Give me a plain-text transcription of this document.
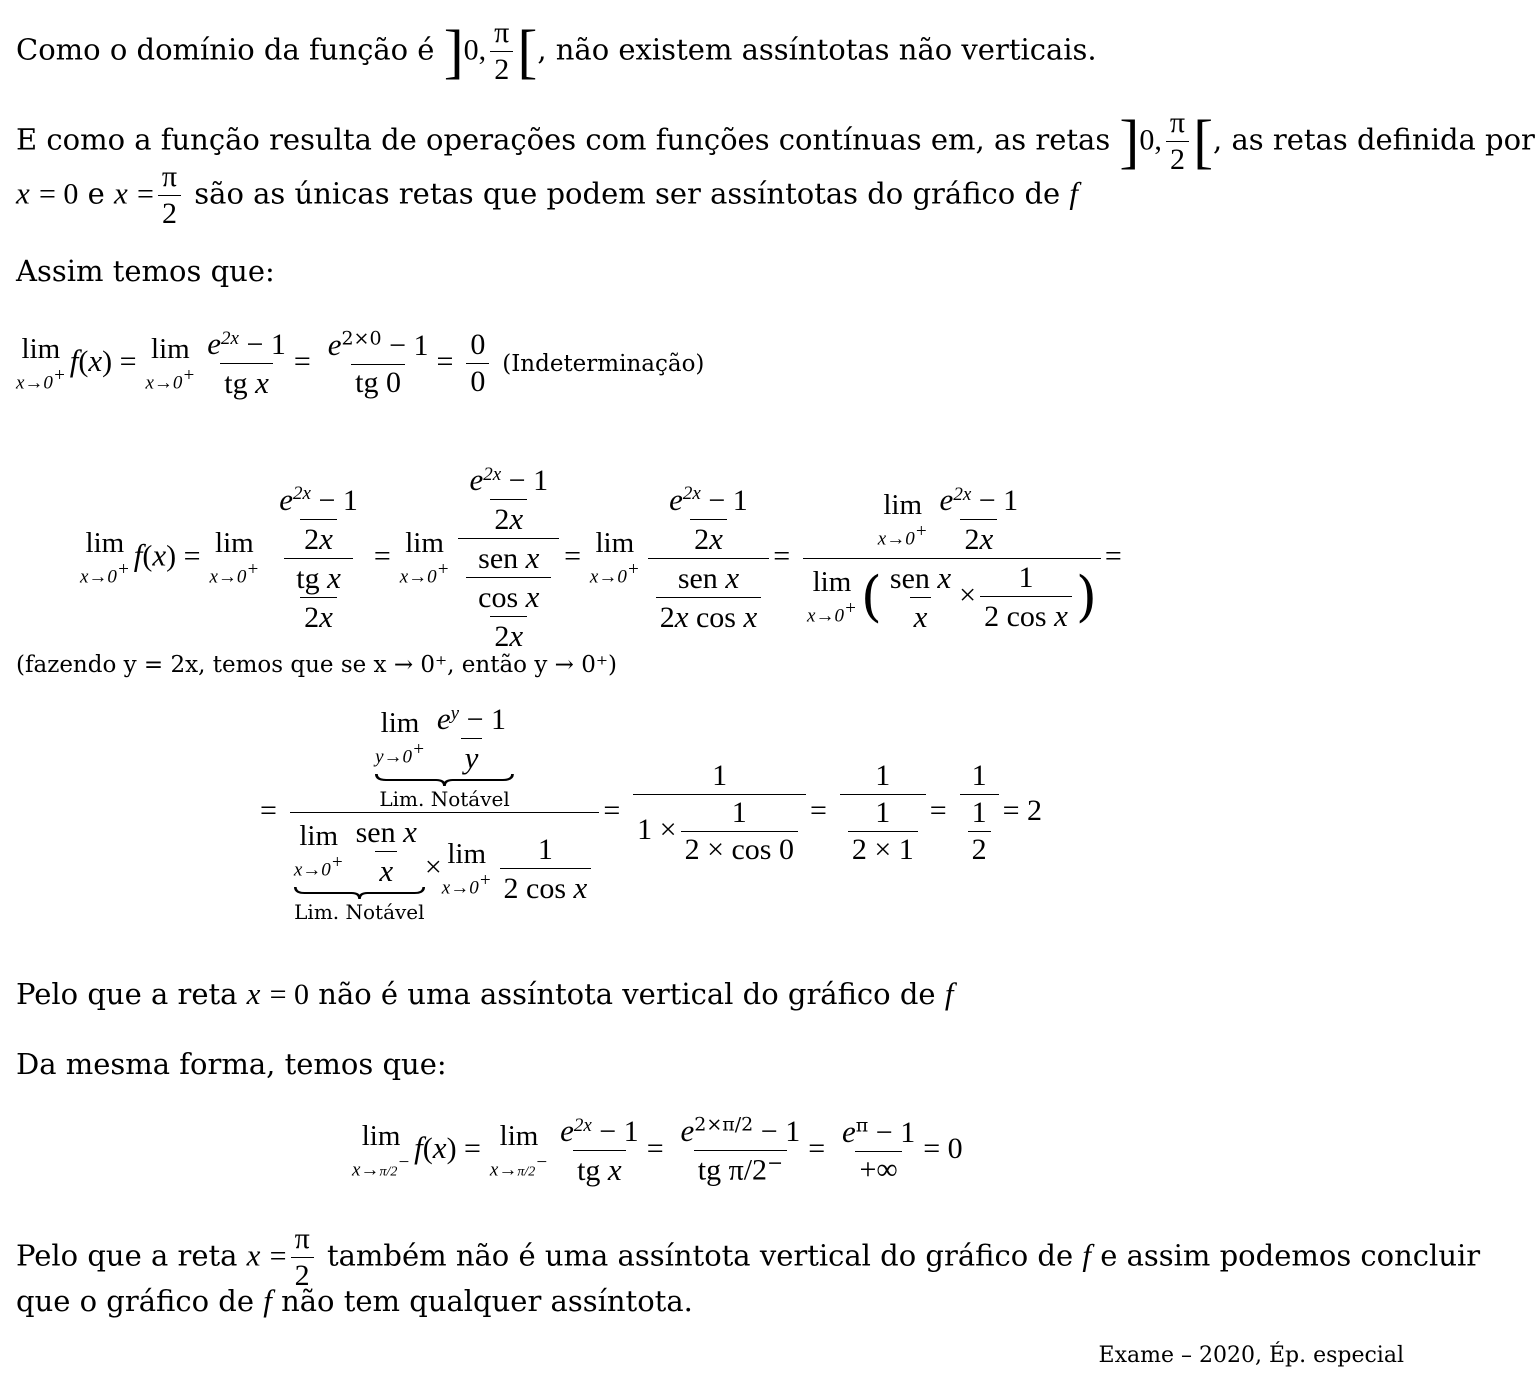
Como o domínio da função é ]0, $\frac{\pi}{2}$ [, não existem assíntotas não verticais.
E como a função resulta de operações com funções contínuas em, as retas ]0, $\frac{\pi}{2}$ [, as retas definida por
x = 0 e $x = \frac{\pi}{2}$ são as únicas retas que podem ser assíntotas do gráfico de f
Assim temos que:
lim
x→0+ f(x) = lim
$x\to 0^+ \frac{e^{2x} - 1}{\text{tg x}} = \frac{e^{2\times 0} - 1}{tg 0} = \frac{0}{0}$ (Indeterminação)
lim
x→0+ f(x) = lim
$x\to 0^+ \frac{\frac{e^{2x} - 1}{2x}}{\frac{\text{tg x}}{2x}} = \lim$
$x\to 0^+ \frac{\frac{e^{2x} - 1}{2x}}{\frac{\text{sen x}}{\frac{\text{cos x}}{2x}}} = \lim$
$x\to 0^+ \frac{\frac{e^{2x} - 1}{2x}}{\frac{\text{sen x}}{\text{2x cos x}}} = \lim$
$x\to 0^+ \frac{e^{2x} - 1}{2x}$
lim
x→0+ ( $\frac{\text{sen x}}{x} \times \frac{1}{\text{2 cos x}}$ ) =
(fazendo y = 2x, temos que se x → 0⁺, então y → 0⁺)
=
lim
$y\to 0^+ \frac{e^y - 1}{y}$
Lim. Notável
lim
$x\to 0^+ \frac{\text{sen x}}{x}$
Lim. Notável
× lim
$x\to 0^+ \frac{1}{\text{2 cos x}}$
= $\frac{1}{1 \times \frac{1}{2 \times \cos 0}} = \frac{1}{\frac{1}{2 \times 1}} = \frac{1}{\frac{1}{2}} = 2$
Pelo que a reta x = 0 não é uma assíntota vertical do gráfico de f
Da mesma forma, temos que:
lim
x→π/2− f(x) = lim
$x\to\pi/2^- \frac{e^{2x} - 1}{\text{tg x}} = \frac{e^{2\times\pi/2} - 1}{tg \pi/2^-} = \frac{e^\pi - 1}{+\infty} = 0$
Pelo que a reta $x = \frac{\pi}{2}$ também não é uma assíntota vertical do gráfico de f e assim podemos concluir
que o gráfico de f não tem qualquer assíntota.
Exame – 2020, Ép. especial
